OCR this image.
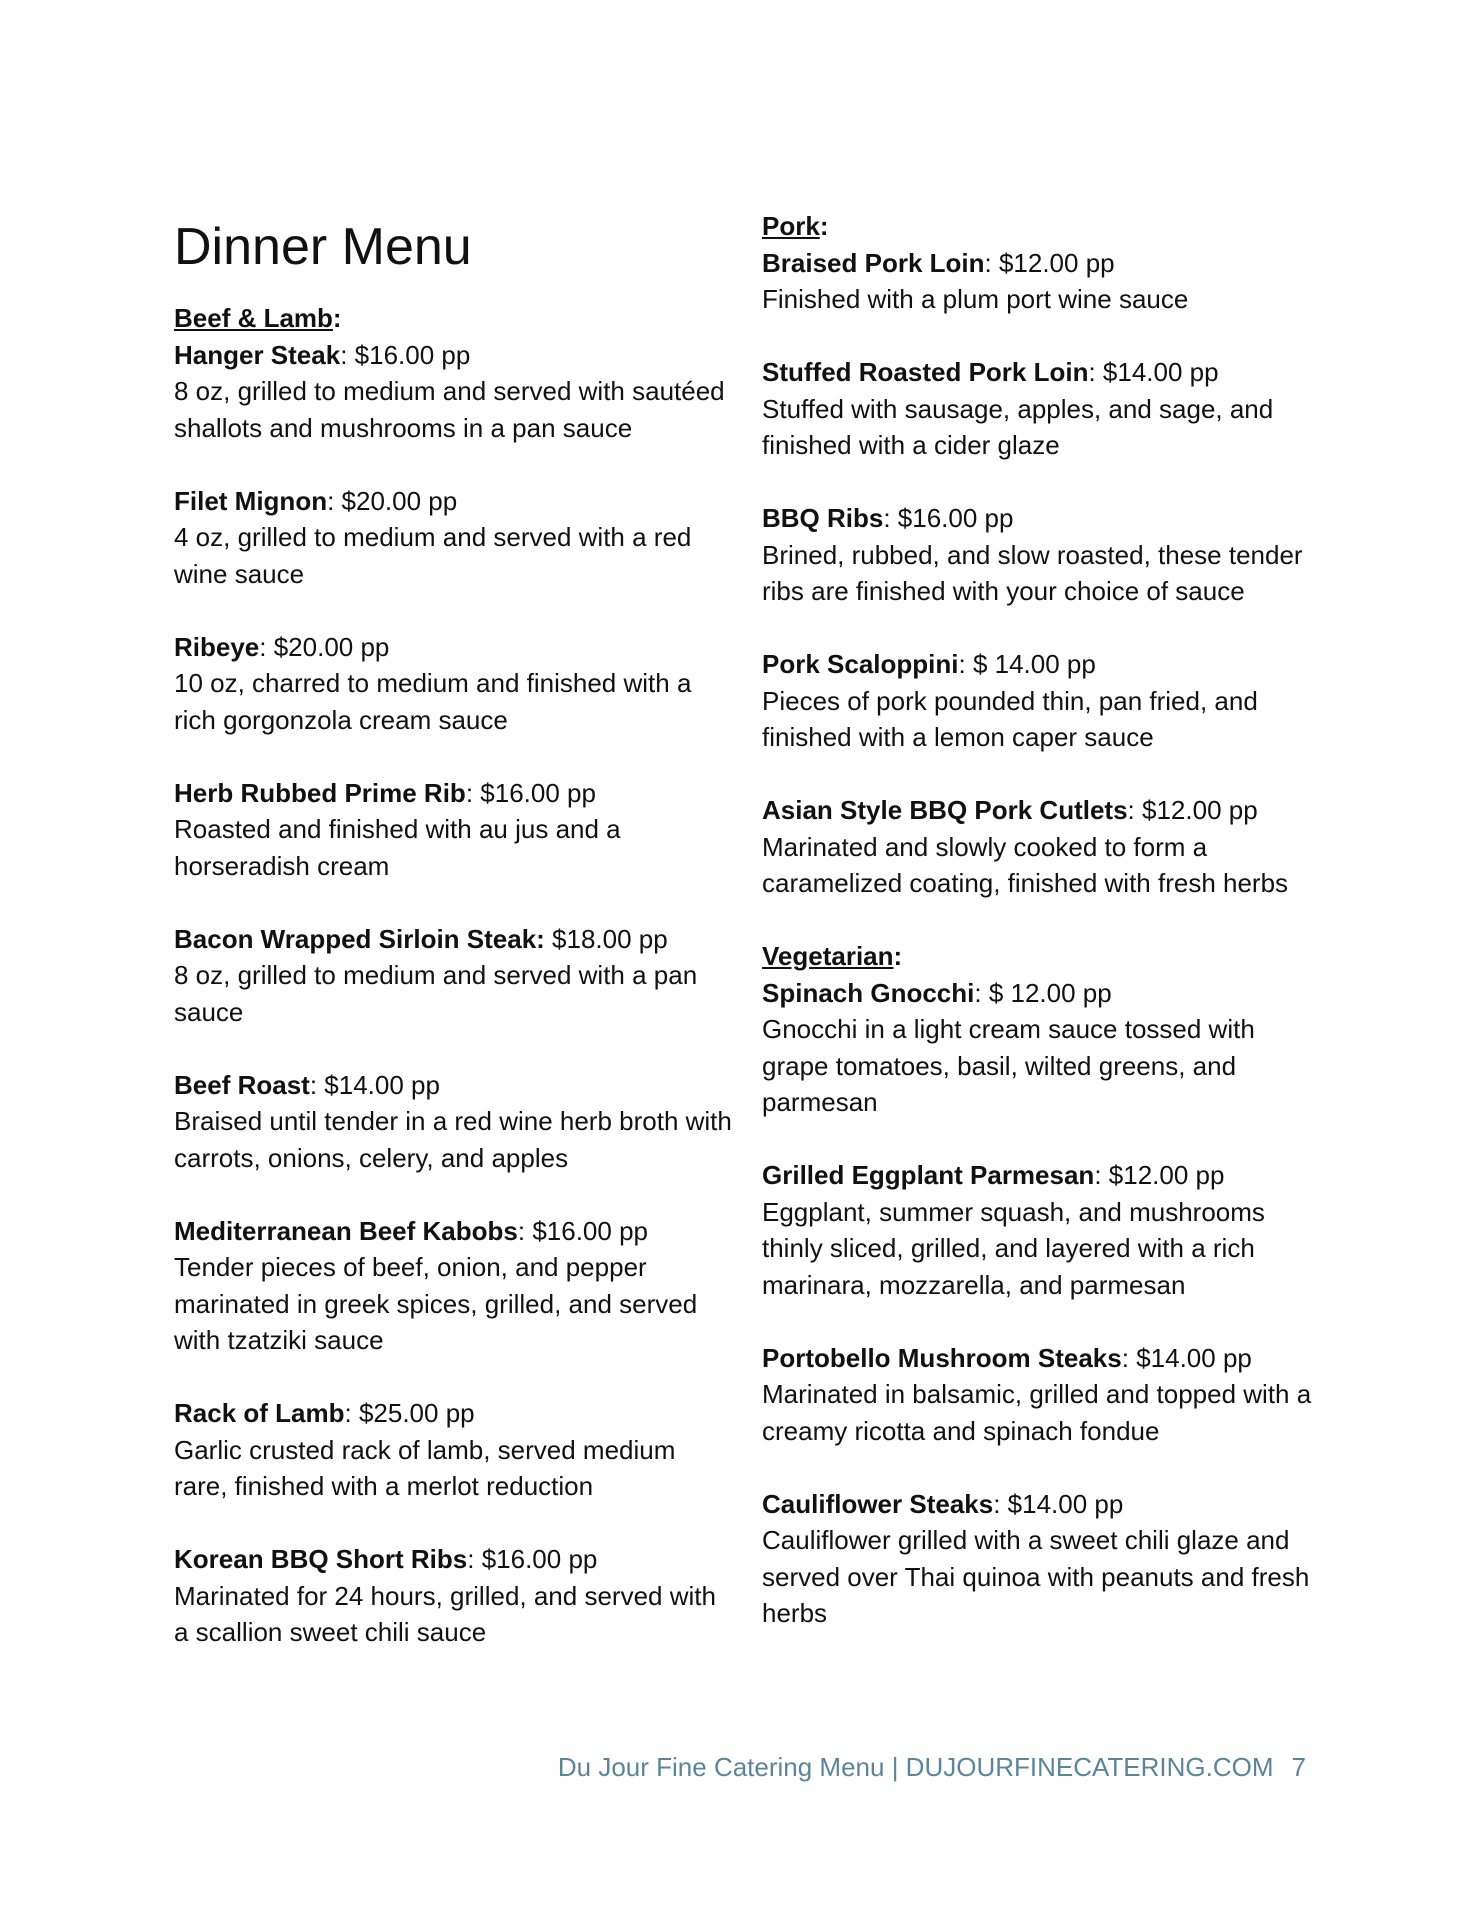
Dinner Menu

Beef & Lamb:

Hanger Steak: $16.00 pp

8 oz, grilled to medium and served with sautéed shallots and mushrooms in a pan sauce

Filet Mignon: $20.00 pp

4 oz, grilled to medium and served with a red wine sauce

Ribeye: $20.00 pp

10 oz, charred to medium and finished with a rich gorgonzola cream sauce

Herb Rubbed Prime Rib: $16.00 pp

Roasted and finished with au jus and a horseradish cream

Bacon Wrapped Sirloin Steak: $18.00 pp

8 oz, grilled to medium and served with a pan sauce

Beef Roast: $14.00 pp

Braised until tender in a red wine herb broth with carrots, onions, celery, and apples

Mediterranean Beef Kabobs: $16.00 pp

Tender pieces of beef, onion, and pepper marinated in greek spices, grilled, and served with tzatziki sauce

Rack of Lamb: $25.00 pp

Garlic crusted rack of lamb, served medium rare, finished with a merlot reduction

Korean BBQ Short Ribs: $16.00 pp

Marinated for 24 hours, grilled, and served with a scallion sweet chili sauce

Pork:

Braised Pork Loin: $12.00 pp

Finished with a plum port wine sauce

Stuffed Roasted Pork Loin: $14.00 pp

Stuffed with sausage, apples, and sage, and finished with a cider glaze

BBQ Ribs: $16.00 pp

Brined, rubbed, and slow roasted, these tender ribs are finished with your choice of sauce

Pork Scaloppini: $ 14.00 pp

Pieces of pork pounded thin, pan fried, and finished with a lemon caper sauce

Asian Style BBQ Pork Cutlets: $12.00 pp

Marinated and slowly cooked to form a caramelized coating, finished with fresh herbs

Vegetarian:

Spinach Gnocchi: $ 12.00 pp

Gnocchi in a light cream sauce tossed with grape tomatoes, basil, wilted greens, and parmesan

Grilled Eggplant Parmesan: $12.00 pp

Eggplant, summer squash, and mushrooms thinly sliced, grilled, and layered with a rich marinara, mozzarella, and parmesan

Portobello Mushroom Steaks: $14.00 pp

Marinated in balsamic, grilled and topped with a creamy ricotta and spinach fondue

Cauliflower Steaks: $14.00 pp

Cauliflower grilled with a sweet chili glaze and served over Thai quinoa with peanuts and fresh herbs

Du Jour Fine Catering Menu | DUJOURFINECATERING.COM 7
